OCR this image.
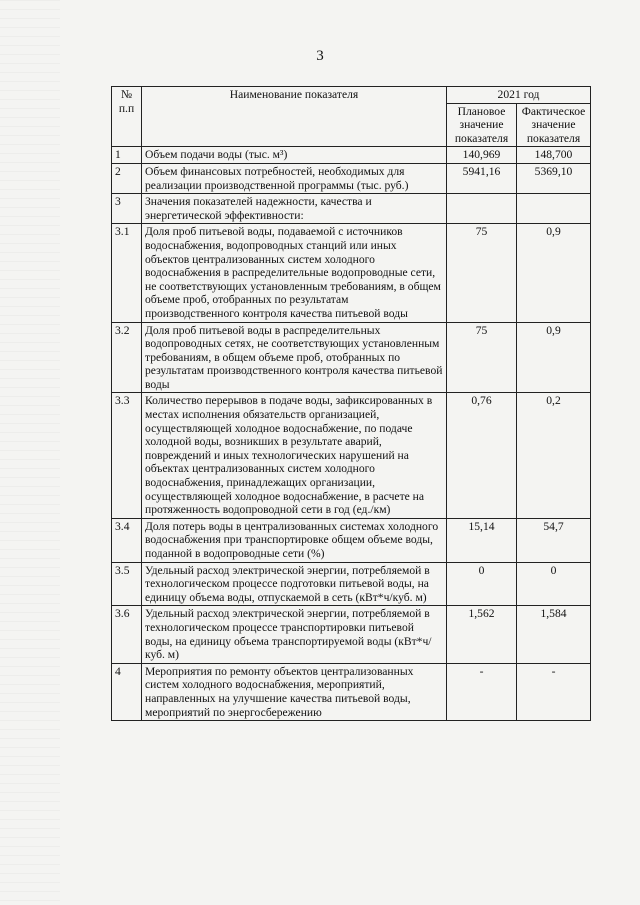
3
№
п.п	Наименование показателя	2021 год	
		Плановое значение показателя	Фактическое значение показателя
1	Объем подачи воды (тыс. м³)	140,969	148,700
2	Объем финансовых потребностей, необходимых для реализации производственной программы (тыс. руб.)	5941,16	5369,10
3	Значения показателей надежности, качества и энергетической эффективности:		
3.1	Доля проб питьевой воды, подаваемой с источников водоснабжения, водопроводных станций или иных объектов централизованных систем холодного водоснабжения в распределительные водопроводные сети, не соответствующих установленным требованиям, в общем объеме проб, отобранных по результатам производственного контроля качества питьевой воды	75	0,9
3.2	Доля проб питьевой воды в распределительных водопроводных сетях, не соответствующих установленным требованиям, в общем объеме проб, отобранных по результатам производственного контроля качества питьевой воды	75	0,9
3.3	Количество перерывов в подаче воды, зафиксированных в местах исполнения обязательств организацией, осуществляющей холодное водоснабжение, по подаче холодной воды, возникших в результате аварий, повреждений и иных технологических нарушений на объектах централизованных систем холодного водоснабжения, принадлежащих организации, осуществляющей холодное водоснабжение, в расчете на протяженность водопроводной сети в год (ед./км)	0,76	0,2
3.4	Доля потерь воды в централизованных системах холодного водоснабжения при транспортировке общем объеме воды, поданной в водопроводные сети (%)	15,14	54,7
3.5	Удельный расход электрической энергии, потребляемой в технологическом процессе подготовки питьевой воды, на единицу объема воды, отпускаемой в сеть (кВт*ч/куб. м)	0	0
3.6	Удельный расход электрической энергии, потребляемой в технологическом процессе транспортировки питьевой воды, на единицу объема транспортируемой воды (кВт*ч/куб. м)	1,562	1,584
4	Мероприятия по ремонту объектов централизованных систем холодного водоснабжения, мероприятий, направленных на улучшение качества питьевой воды, мероприятий по энергосбережению	-	-
